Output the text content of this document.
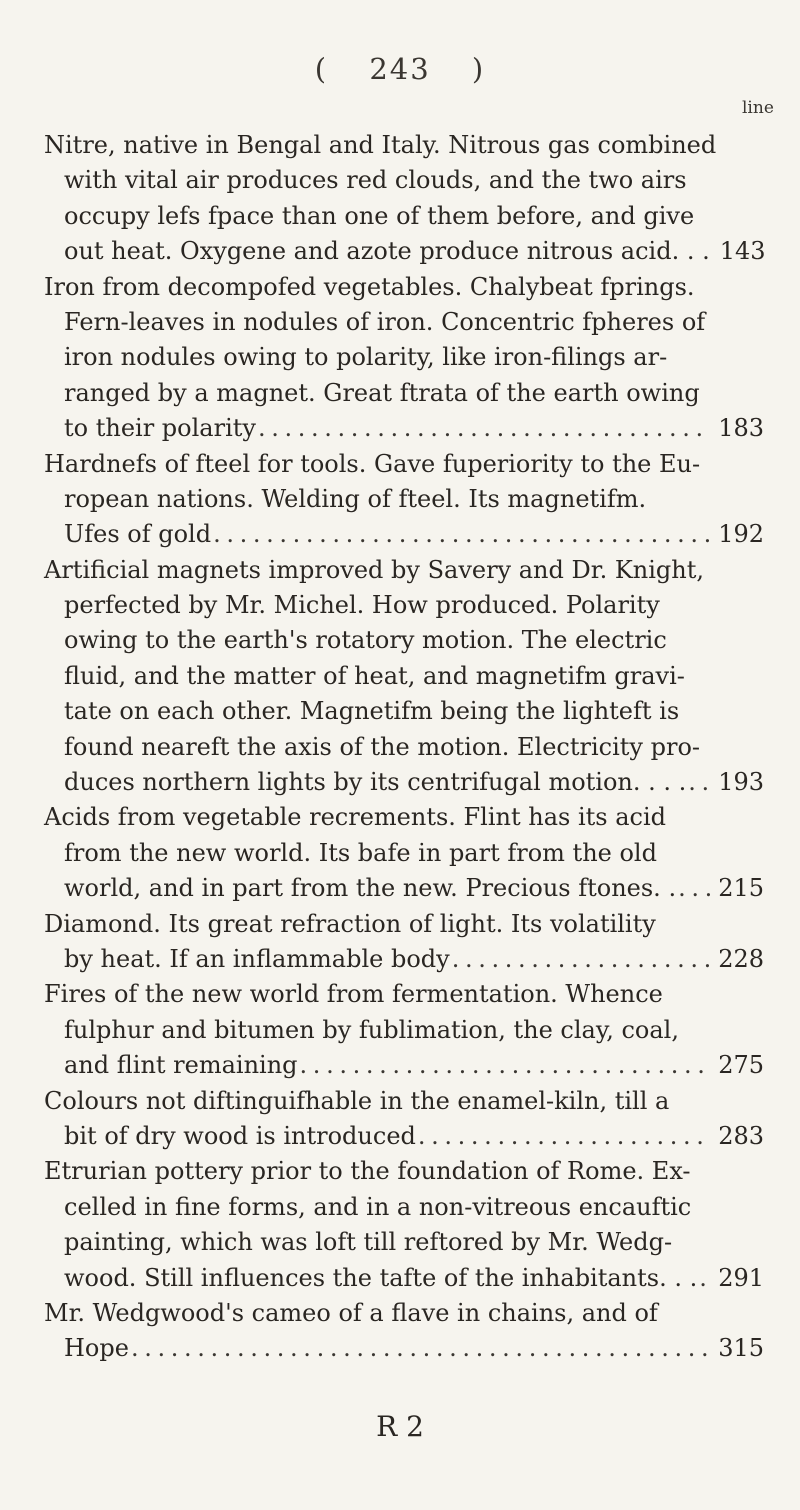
( 243 )
line
Nitre, native in Bengal and Italy. Nitrous gas combined
with vital air produces red clouds, and the two airs
occupy lefs fpace than one of them before, and give
out heat. Oxygene and azote produce nitrous acid. . . 143
Iron from decompofed vegetables. Chalybeat fprings.
Fern-leaves in nodules of iron. Concentric fpheres of
iron nodules owing to polarity, like iron-filings ar-
ranged by a magnet. Great ftrata of the earth owing
to their polarity . . .	183
Hardnefs of fteel for tools. Gave fuperiority to the Eu-
ropean nations. Welding of fteel. Its magnetifm.
Ufes of gold . . .	192
Artificial magnets improved by Savery and Dr. Knight,
perfected by Mr. Michel. How produced. Polarity
owing to the earth's rotatory motion. The electric
fluid, and the matter of heat, and magnetifm gravi-
tate on each other. Magnetifm being the lighteft is
found neareft the axis of the motion. Electricity pro-
duces northern lights by its centrifugal motion. . . . . . . 193
Acids from vegetable recrements. Flint has its acid
from the new world. Its bafe in part from the old
world, and in part from the new. Precious ftones. . . . . 215
Diamond. Its great refraction of light. Its volatility
by heat. If an inflammable body . . .	228
Fires of the new world from fermentation. Whence
fulphur and bitumen by fublimation, the clay, coal,
and flint remaining . . .	275
Colours not diftinguifhable in the enamel-kiln, till a
bit of dry wood is introduced . . .	283
Etrurian pottery prior to the foundation of Rome. Ex-
celled in fine forms, and in a non-vitreous encauftic
painting, which was loft till reftored by Mr. Wedg-
wood. Still influences the tafte of the inhabitants. . . . . . 291
Mr. Wedgwood's cameo of a flave in chains, and of
Hope . . .	315
R 2
